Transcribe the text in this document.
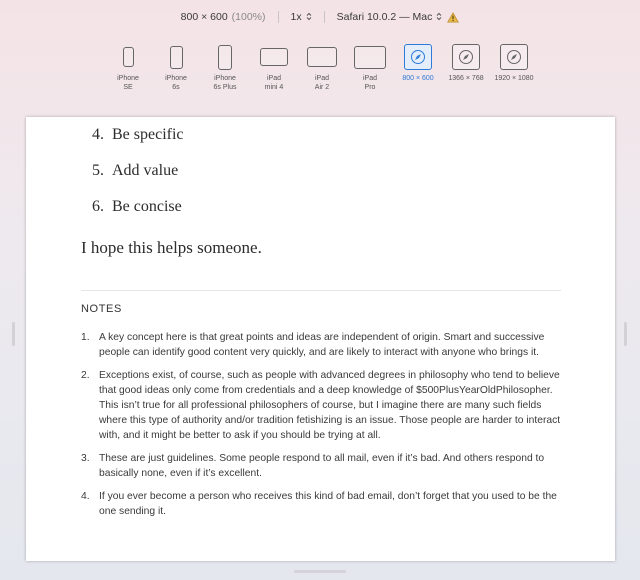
800 × 600 (100%) 1x	Safari 10.0.2 — Mac
iPhone
SE
iPhone
6s
iPhone
6s Plus
iPad
mini 4
iPad
Air 2
iPad
Pro
800 × 600 1366 × 768 1920 × 1080
4. Be specific
5. Add value
6. Be concise

I hope this helps someone.

NOTES
1. A key concept here is that great points and ideas are independent of origin. Smart and successive people can identify good content very quickly, and are likely to interact with anyone who brings it.
2. Exceptions exist, of course, such as people with advanced degrees in philosophy who tend to believe that good ideas only come from credentials and a deep knowledge of $500PlusYearOldPhilosopher. This isn’t true for all professional philosophers of course, but I imagine there are many such fields where this type of authority and/or tradition fetishizing is an issue. Those people are harder to interact with, and it might be better to ask if you should be trying at all.
3. These are just guidelines. Some people respond to all mail, even if it’s bad. And others respond to basically none, even if it’s excellent.
4. If you ever become a person who receives this kind of bad email, don’t forget that you used to be the one sending it.
